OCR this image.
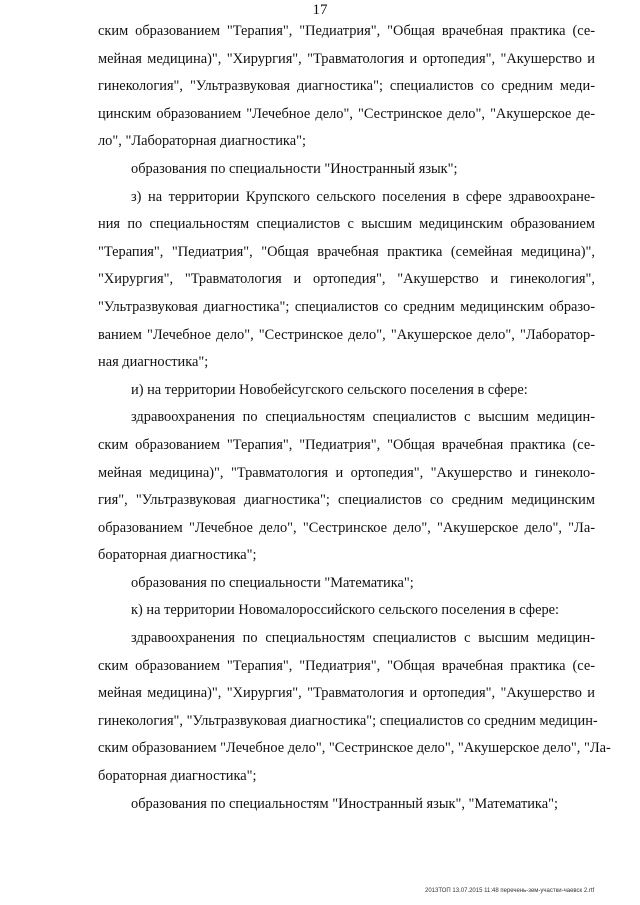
17
ским образованием "Терапия", "Педиатрия", "Общая врачебная практика (се-
мейная медицина)", "Хирургия", "Травматология и ортопедия", "Акушерство и
гинекология", "Ультразвуковая диагностика"; специалистов со средним меди-
цинским образованием "Лечебное дело", "Сестринское дело", "Акушерское де-
ло", "Лабораторная диагностика";
образования по специальности "Иностранный язык";
з) на территории Крупского сельского поселения в сфере здравоохране-
ния по специальностям специалистов с высшим медицинским образованием
"Терапия", "Педиатрия", "Общая врачебная практика (семейная медицина)",
"Хирургия", "Травматология и ортопедия", "Акушерство и гинекология",
"Ультразвуковая диагностика"; специалистов со средним медицинским образо-
ванием "Лечебное дело", "Сестринское дело", "Акушерское дело", "Лаборатор-
ная диагностика";
и) на территории Новобейсугского сельского поселения в сфере:
здравоохранения по специальностям специалистов с высшим медицин-
ским образованием "Терапия", "Педиатрия", "Общая врачебная практика (се-
мейная медицина)", "Травматология и ортопедия", "Акушерство и гинеколо-
гия", "Ультразвуковая диагностика"; специалистов со средним медицинским
образованием "Лечебное дело", "Сестринское дело", "Акушерское дело", "Ла-
бораторная диагностика";
образования по специальности "Математика";
к) на территории Новомалороссийского сельского поселения в сфере:
здравоохранения по специальностям специалистов с высшим медицин-
ским образованием "Терапия", "Педиатрия", "Общая врачебная практика (се-
мейная медицина)", "Хирургия", "Травматология и ортопедия", "Акушерство и
гинекология", "Ультразвуковая диагностика"; специалистов со средним медицин-
ским образованием "Лечебное дело", "Сестринское дело", "Акушерское дело", "Ла-
бораторная диагностика";
образования по специальностям "Иностранный язык", "Математика";
2013ТОП 13.07.2015 11:48 перечень-зем-участки-чаевск 2.rtf
